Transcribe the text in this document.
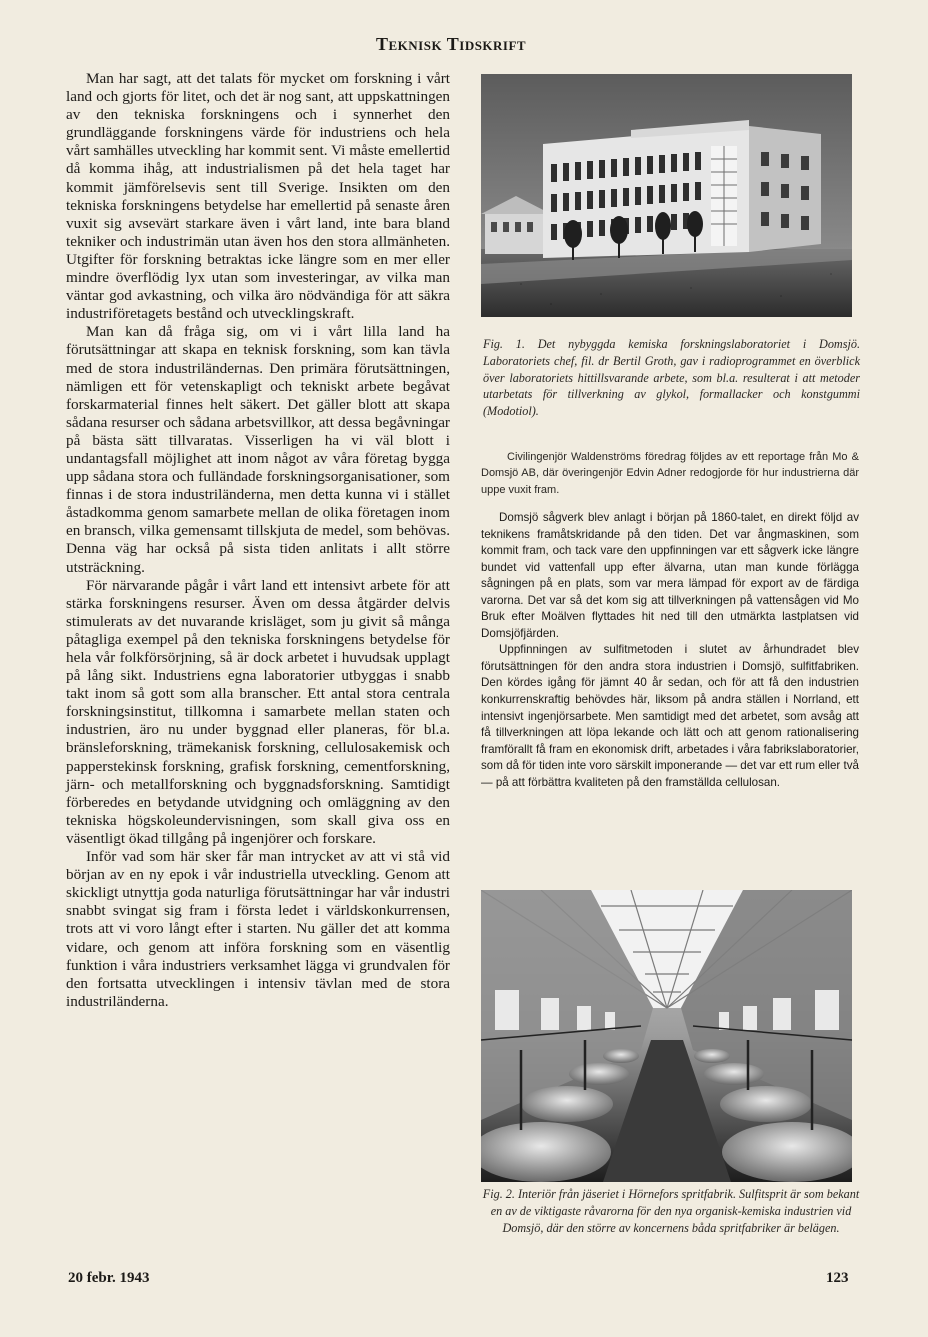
Teknisk Tidskrift

Man har sagt, att det talats för mycket om forskning i vårt land och gjorts för litet, och det är nog sant, att uppskattningen av den tekniska forskningens och i synnerhet den grundläggande forskningens värde för industriens och hela vårt samhälles utveckling har kommit sent. Vi måste emellertid då komma ihåg, att industrialismen på det hela taget har kommit jämförelsevis sent till Sverige. Insikten om den tekniska forskningens betydelse har emellertid på senaste åren vuxit sig avsevärt starkare även i vårt land, inte bara bland tekniker och industrimän utan även hos den stora allmänheten. Utgifter för forskning betraktas icke längre som en mer eller mindre överflödig lyx utan som investeringar, av vilka man väntar god avkastning, och vilka äro nödvändiga för att säkra industriföretagets bestånd och utvecklingskraft.

Man kan då fråga sig, om vi i vårt lilla land ha förutsättningar att skapa en teknisk forskning, som kan tävla med de stora industriländernas. Den primära förutsättningen, nämligen ett för vetenskapligt och tekniskt arbete begåvat forskarmaterial finnes helt säkert. Det gäller blott att skapa sådana resurser och sådana arbetsvillkor, att dessa begåvningar på bästa sätt tillvaratas. Visserligen ha vi väl blott i undantagsfall möjlighet att inom något av våra företag bygga upp sådana stora och fulländade forskningsorganisationer, som finnas i de stora industriländerna, men detta kunna vi i stället åstadkomma genom samarbete mellan de olika företagen inom en bransch, vilka gemensamt tillskjuta de medel, som behövas. Denna väg har också på sista tiden anlitats i allt större utsträckning.

För närvarande pågår i vårt land ett intensivt arbete för att stärka forskningens resurser. Även om dessa åtgärder delvis stimulerats av det nuvarande krisläget, som ju givit så många påtagliga exempel på den tekniska forskningens betydelse för hela vår folkförsörjning, så är dock arbetet i huvudsak upplagt på lång sikt. Industriens egna laboratorier utbyggas i snabb takt inom så gott som alla branscher. Ett antal stora centrala forskningsinstitut, tillkomna i samarbete mellan staten och industrien, äro nu under byggnad eller planeras, för bl.a. bränsleforskning, trämekanisk forskning, cellulosakemisk och papperstekinsk forskning, grafisk forskning, cementforskning, järn- och metallforskning och byggnadsforskning. Samtidigt förberedes en betydande utvidgning och omläggning av den tekniska högskoleundervisningen, som skall giva oss en väsentligt ökad tillgång på ingenjörer och forskare.

Inför vad som här sker får man intrycket av att vi stå vid början av en ny epok i vår industriella utveckling. Genom att skickligt utnyttja goda naturliga förutsättningar har vår industri snabbt svingat sig fram i första ledet i världskonkurrensen, trots att vi voro långt efter i starten. Nu gäller det att komma vidare, och genom att införa forskning som en väsentlig funktion i våra industriers verksamhet lägga vi grundvalen för den fortsatta utvecklingen i intensiv tävlan med de stora industriländerna.

Fig. 1. Det nybyggda kemiska forskningslaboratoriet i Domsjö. Laboratoriets chef, fil. dr Bertil Groth, gav i radioprogrammet en överblick över laboratoriets hittillsvarande arbete, som bl.a. resulterat i att metoder utarbetats för tillverkning av glykol, formallacker och konstgummi (Modotiol).

Civilingenjör Waldenströms föredrag följdes av ett reportage från Mo & Domsjö AB, där överingenjör Edvin Adner redogjorde för hur industrierna där uppe vuxit fram.

Domsjö sågverk blev anlagt i början på 1860-talet, en direkt följd av teknikens framåtskridande på den tiden. Det var ångmaskinen, som kommit fram, och tack vare den uppfinningen var ett sågverk icke längre bundet vid vattenfall upp efter älvarna, utan man kunde förlägga sågningen på en plats, som var mera lämpad för export av de färdiga varorna. Det var så det kom sig att tillverkningen på vattensågen vid Mo Bruk efter Moälven flyttades hit ned till den utmärkta lastplatsen vid Domsjöfjärden.

Uppfinningen av sulfitmetoden i slutet av århundradet blev förutsättningen för den andra stora industrien i Domsjö, sulfitfabriken. Den kördes igång för jämnt 40 år sedan, och för att få den industrien konkurrenskraftig behövdes här, liksom på andra ställen i Norrland, ett intensivt ingenjörsarbete. Men samtidigt med det arbetet, som avsåg att få tillverkningen att löpa lekande och lätt och att genom rationalisering framförallt få fram en ekonomisk drift, arbetades i våra fabrikslaboratorier, som då för tiden inte voro särskilt imponerande — det var ett rum eller två — på att förbättra kvaliteten på den framställda cellulosan.

Fig. 2. Interiör från jäseriet i Hörnefors spritfabrik. Sulfitsprit är som bekant en av de viktigaste råvarorna för den nya organisk-kemiska industrien vid Domsjö, där den större av koncernens båda spritfabriker är belägen.
20 febr. 1943	123
